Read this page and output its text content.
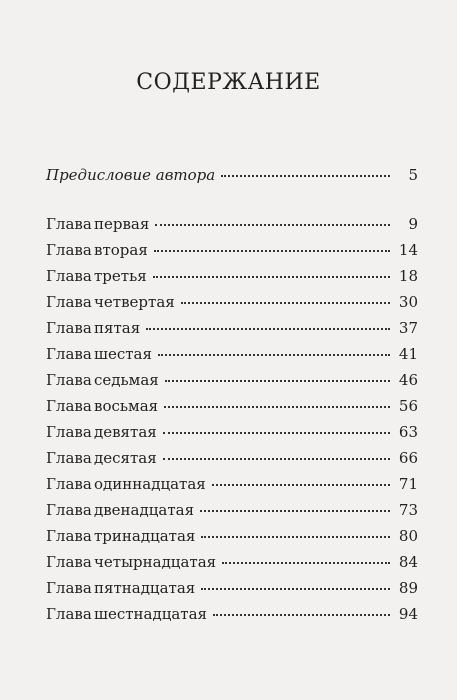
СОДЕРЖАНИЕ
Предисловие автора	5
Глава первая	9
Глава вторая	14
Глава третья	18
Глава четвертая	30
Глава пятая	37
Глава шестая	41
Глава седьмая	46
Глава восьмая	56
Глава девятая	63
Глава десятая	66
Глава одиннадцатая	71
Глава двенадцатая	73
Глава тринадцатая	80
Глава четырнадцатая	84
Глава пятнадцатая	89
Глава шестнадцатая	94
